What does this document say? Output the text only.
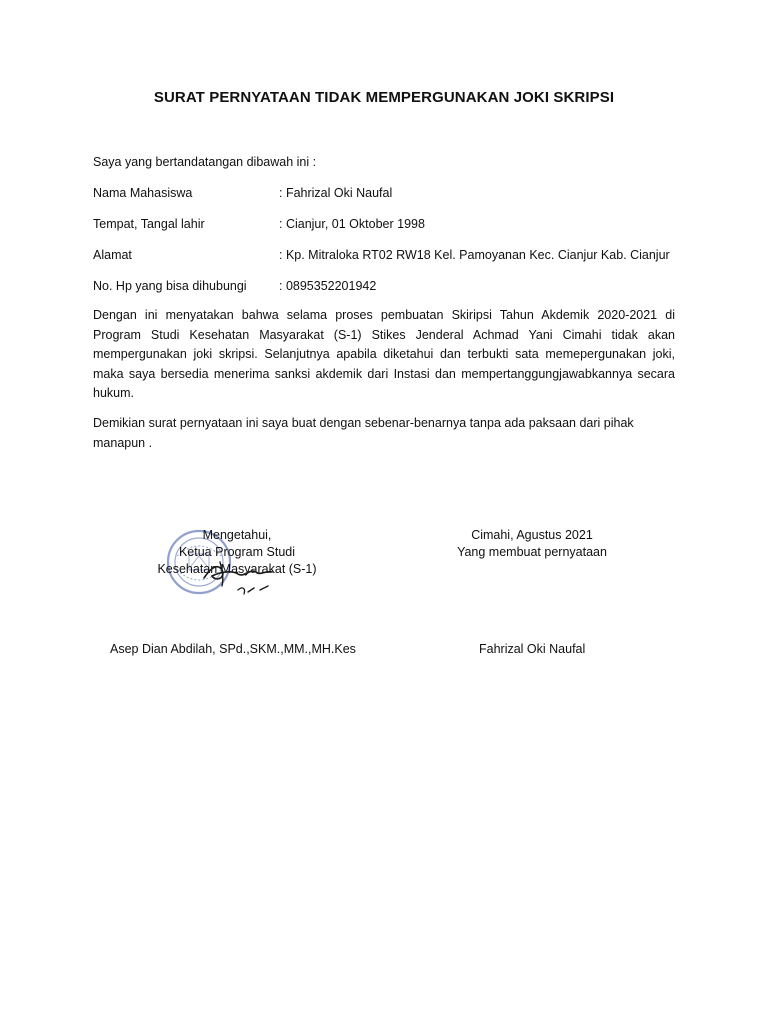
SURAT PERNYATAAN TIDAK MEMPERGUNAKAN JOKI SKRIPSI
Saya yang bertandatangan dibawah ini :
Nama Mahasiswa	: Fahrizal Oki Naufal
Tempat, Tangal lahir	: Cianjur, 01 Oktober 1998
Alamat	: Kp. Mitraloka RT02 RW18 Kel. Pamoyanan Kec. Cianjur Kab. Cianjur
No. Hp yang bisa dihubungi	: 0895352201942
Dengan ini menyatakan bahwa selama proses pembuatan Skiripsi Tahun Akdemik 2020-2021 di Program Studi Kesehatan Masyarakat (S-1) Stikes Jenderal Achmad Yani Cimahi tidak akan mempergunakan joki skripsi. Selanjutnya apabila diketahui dan terbukti sata memepergunakan joki, maka saya bersedia menerima sanksi akdemik dari Instasi dan mempertanggungjawabkannya secara hukum.
Demikian surat pernyataan ini saya buat dengan sebenar-benarnya tanpa ada paksaan dari pihak manapun .
Mengetahui,
Ketua Program Studi
Kesehatan Masyarakat (S-1)
Cimahi, Agustus 2021
Yang membuat pernyataan
Asep Dian Abdilah, SPd.,SKM.,MM.,MH.Kes	Fahrizal Oki Naufal
